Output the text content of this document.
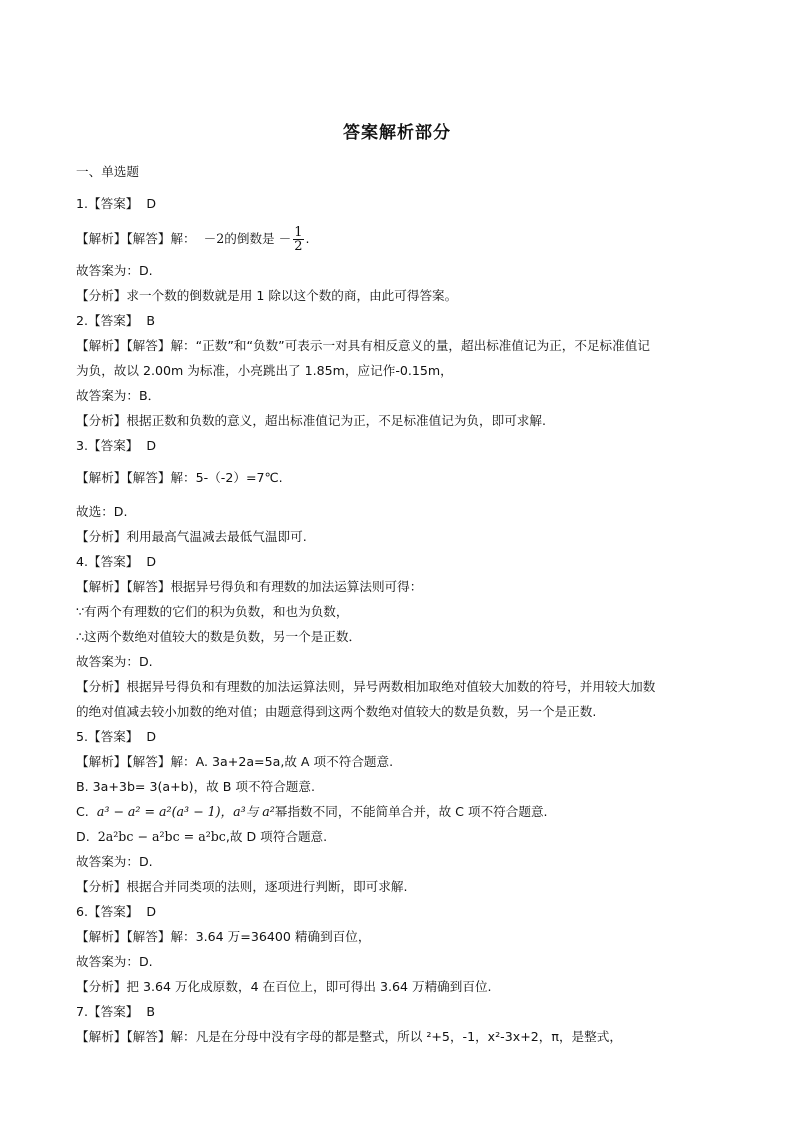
答案解析部分
一、单选题
1.【答案】 D
【解析】【解答】解： －2的倒数是 － $\frac{1}{2}$ .
故答案为：D.
【分析】求一个数的倒数就是用 1 除以这个数的商，由此可得答案。
2.【答案】 B
【解析】【解答】解：“正数”和“负数”可表示一对具有相反意义的量，超出标准值记为正，不足标准值记
为负，故以 2.00m 为标准，小亮跳出了 1.85m，应记作-0.15m，
故答案为：B．
【分析】根据正数和负数的意义，超出标准值记为正，不足标准值记为负，即可求解.
3.【答案】 D
【解析】【解答】解：5-（-2）=7℃.
故选：D.
【分析】利用最高气温减去最低气温即可.
4.【答案】 D
【解析】【解答】根据异号得负和有理数的加法运算法则可得：
∵有两个有理数的它们的积为负数，和也为负数，
∴这两个数绝对值较大的数是负数，另一个是正数．
故答案为：D.
【分析】根据异号得负和有理数的加法运算法则，异号两数相加取绝对值较大加数的符号，并用较大加数
的绝对值减去较小加数的绝对值；由题意得到这两个数绝对值较大的数是负数，另一个是正数.
5.【答案】 D
【解析】【解答】解：A. 3a+2a=5a,故 A 项不符合题意.
B. 3a+3b= 3(a+b)，故 B 项不符合题意.
C. a³ − a² = a²(a³ − 1)，a³与 a²幂指数不同，不能简单合并，故 C 项不符合题意.
D. 2a²bc − a²bc = a²bc,故 D 项符合题意.
故答案为：D.
【分析】根据合并同类项的法则，逐项进行判断，即可求解.
6.【答案】 D
【解析】【解答】解：3.64 万=36400 精确到百位，
故答案为：D.
【分析】把 3.64 万化成原数，4 在百位上，即可得出 3.64 万精确到百位.
7.【答案】 B
【解析】【解答】解：凡是在分母中没有字母的都是整式，所以 ²+5，-1，x²-3x+2，π，是整式，
